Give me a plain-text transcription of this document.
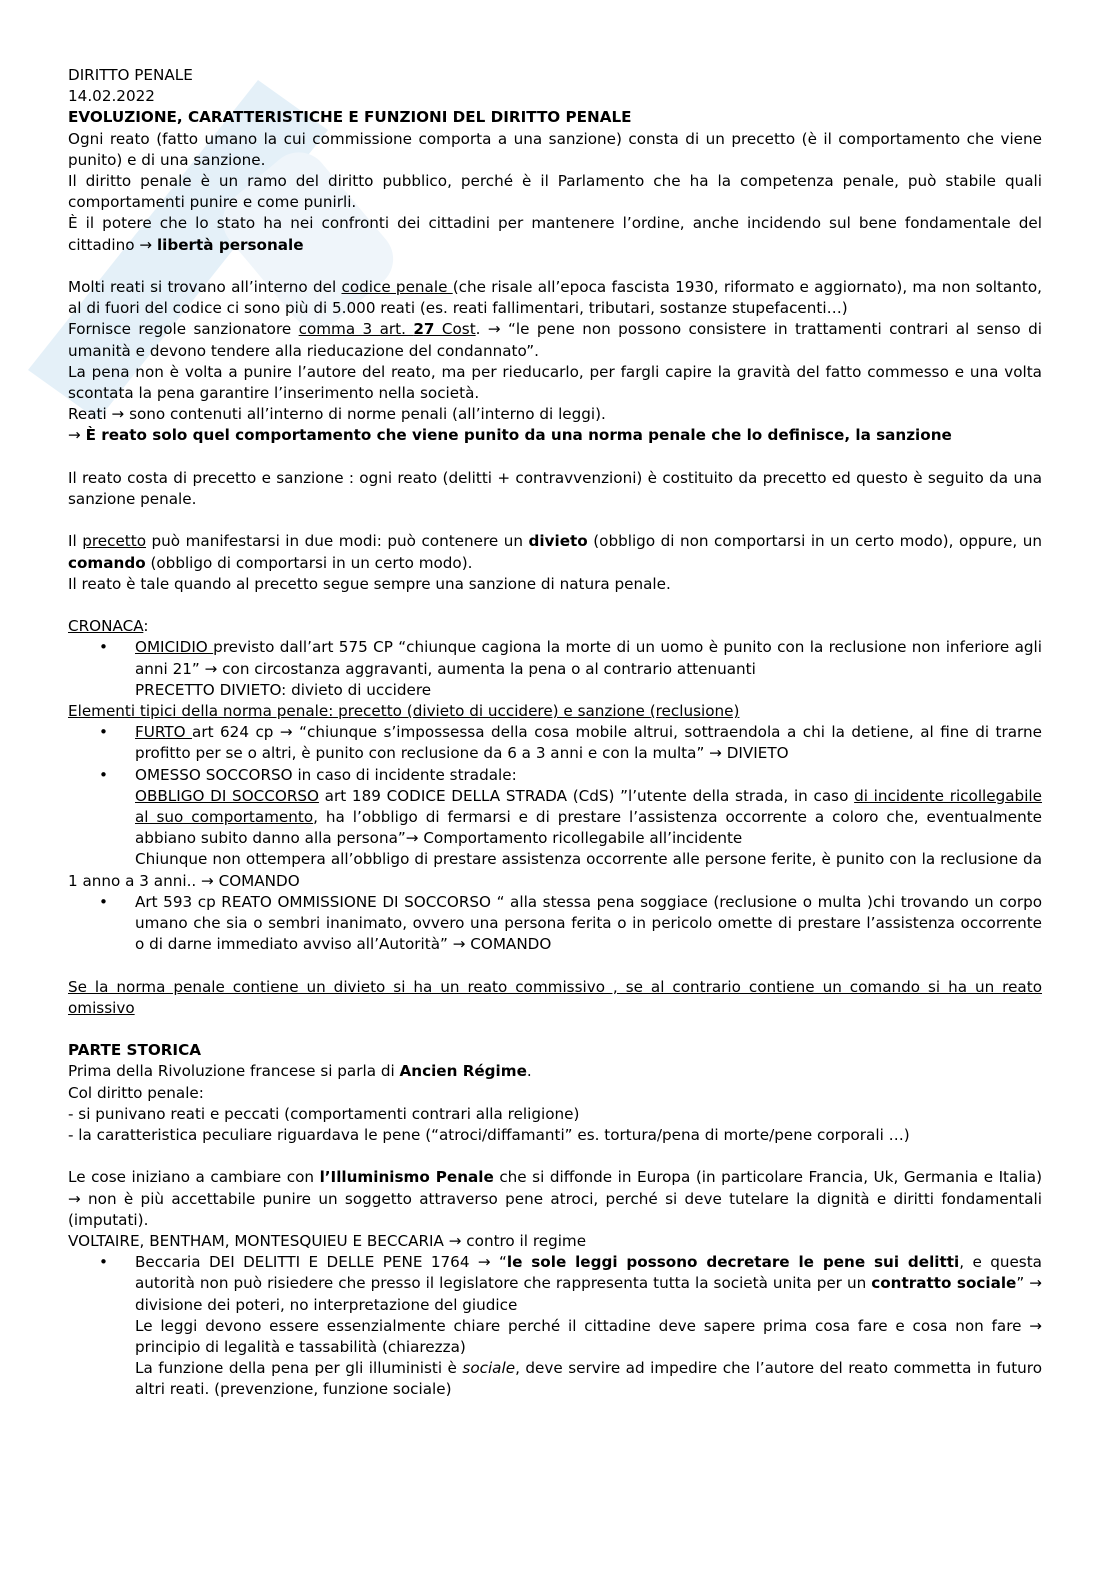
DIRITTO PENALE

14.02.2022

EVOLUZIONE, CARATTERISTICHE E FUNZIONI DEL DIRITTO PENALE

Ogni reato (fatto umano la cui commissione comporta a una sanzione) consta di un precetto (è il comportamento che viene punito) e di una sanzione.

Il diritto penale è un ramo del diritto pubblico, perché è il Parlamento che ha la competenza penale, può stabile quali comportamenti punire e come punirli.

È il potere che lo stato ha nei confronti dei cittadini per mantenere l’ordine, anche incidendo sul bene fondamentale del cittadino → libertà personale

Molti reati si trovano all’interno del codice penale (che risale all’epoca fascista 1930, riformato e aggiornato), ma non soltanto, al di fuori del codice ci sono più di 5.000 reati (es. reati fallimentari, tributari, sostanze stupefacenti…)

Fornisce regole sanzionatore comma 3 art. 27 Cost. → “le pene non possono consistere in trattamenti contrari al senso di umanità e devono tendere alla rieducazione del condannato”.

La pena non è volta a punire l’autore del reato, ma per rieducarlo, per fargli capire la gravità del fatto commesso e una volta scontata la pena garantire l’inserimento nella società.

Reati → sono contenuti all’interno di norme penali (all’interno di leggi).

→ È reato solo quel comportamento che viene punito da una norma penale che lo definisce, la sanzione

Il reato costa di precetto e sanzione : ogni reato (delitti + contravvenzioni) è costituito da precetto ed questo è seguito da una sanzione penale.

Il precetto può manifestarsi in due modi: può contenere un divieto (obbligo di non comportarsi in un certo modo), oppure, un comando (obbligo di comportarsi in un certo modo).

Il reato è tale quando al precetto segue sempre una sanzione di natura penale.

CRONACA:

• OMICIDIO previsto dall’art 575 CP “chiunque cagiona la morte di un uomo è punito con la reclusione non inferiore agli anni 21” → con circostanza aggravanti, aumenta la pena o al contrario attenuanti
PRECETTO DIVIETO: divieto di uccidere

Elementi tipici della norma penale: precetto (divieto di uccidere) e sanzione (reclusione)

• FURTO art 624 cp → “chiunque s’impossessa della cosa mobile altrui, sottraendola a chi la detiene, al fine di trarne profitto per se o altri, è punito con reclusione da 6 a 3 anni e con la multa” → DIVIETO
• OMESSO SOCCORSO in caso di incidente stradale:
OBBLIGO DI SOCCORSO art 189 CODICE DELLA STRADA (CdS) ”l’utente della strada, in caso di incidente ricollegabile al suo comportamento, ha l’obbligo di fermarsi e di prestare l’assistenza occorrente a coloro che, eventualmente abbiano subito danno alla persona”→ Comportamento ricollegabile all’incidente

Chiunque non ottempera all’obbligo di prestare assistenza occorrente alle persone ferite, è punito con la reclusione da 1 anno a 3 anni.. → COMANDO

• Art 593 cp REATO OMMISSIONE DI SOCCORSO “ alla stessa pena soggiace (reclusione o multa )chi trovando un corpo umano che sia o sembri inanimato, ovvero una persona ferita o in pericolo omette di prestare l’assistenza occorrente o di darne immediato avviso all’Autorità” → COMANDO

Se la norma penale contiene un divieto si ha un reato commissivo , se al contrario contiene un comando si ha un reato omissivo

PARTE STORICA

Prima della Rivoluzione francese si parla di Ancien Régime.

Col diritto penale:

- si punivano reati e peccati (comportamenti contrari alla religione)

- la caratteristica peculiare riguardava le pene (“atroci/diffamanti” es. tortura/pena di morte/pene corporali …)

Le cose iniziano a cambiare con l’Illuminismo Penale che si diffonde in Europa (in particolare Francia, Uk, Germania e Italia) → non è più accettabile punire un soggetto attraverso pene atroci, perché si deve tutelare la dignità e diritti fondamentali (imputati).

VOLTAIRE, BENTHAM, MONTESQUIEU E BECCARIA → contro il regime

• Beccaria DEI DELITTI E DELLE PENE 1764 → “le sole leggi possono decretare le pene sui delitti, e questa autorità non può risiedere che presso il legislatore che rappresenta tutta la società unita per un contratto sociale” → divisione dei poteri, no interpretazione del giudice
Le leggi devono essere essenzialmente chiare perché il cittadine deve sapere prima cosa fare e cosa non fare → principio di legalità e tassabilità (chiarezza)
La funzione della pena per gli illuministi è sociale, deve servire ad impedire che l’autore del reato commetta in futuro altri reati. (prevenzione, funzione sociale)
